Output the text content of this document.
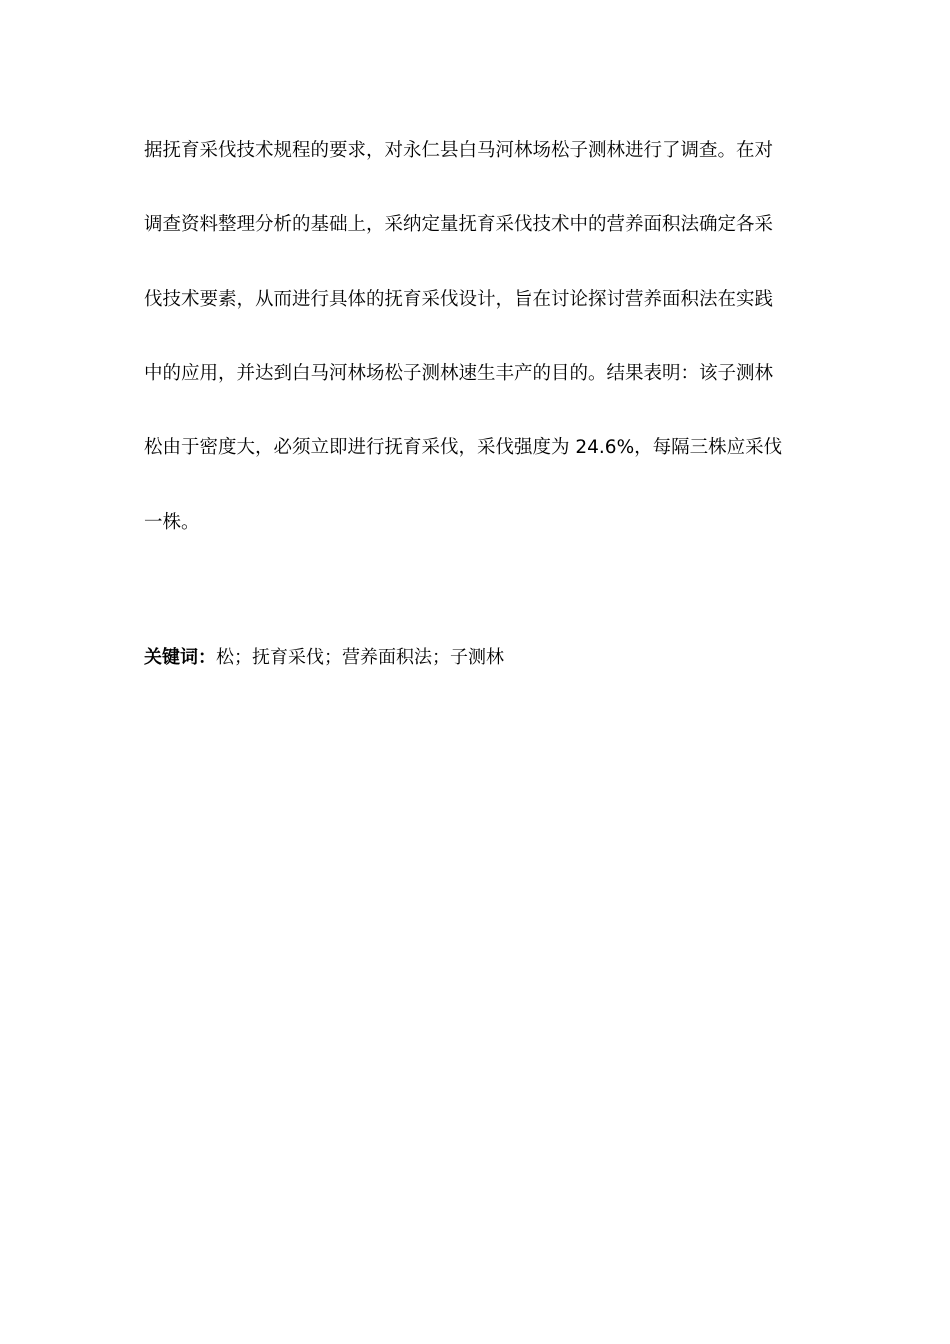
据抚育采伐技术规程的要求，对永仁县白马河林场松子测林进行了调查。在对
调查资料整理分析的基础上，采纳定量抚育采伐技术中的营养面积法确定各采
伐技术要素，从而进行具体的抚育采伐设计，旨在讨论探讨营养面积法在实践
中的应用，并达到白马河林场松子测林速生丰产的目的。结果表明：该子测林
松由于密度大，必须立即进行抚育采伐，采伐强度为 24.6%，每隔三株应采伐
一株。
关键词：松；抚育采伐；营养面积法；子测林
